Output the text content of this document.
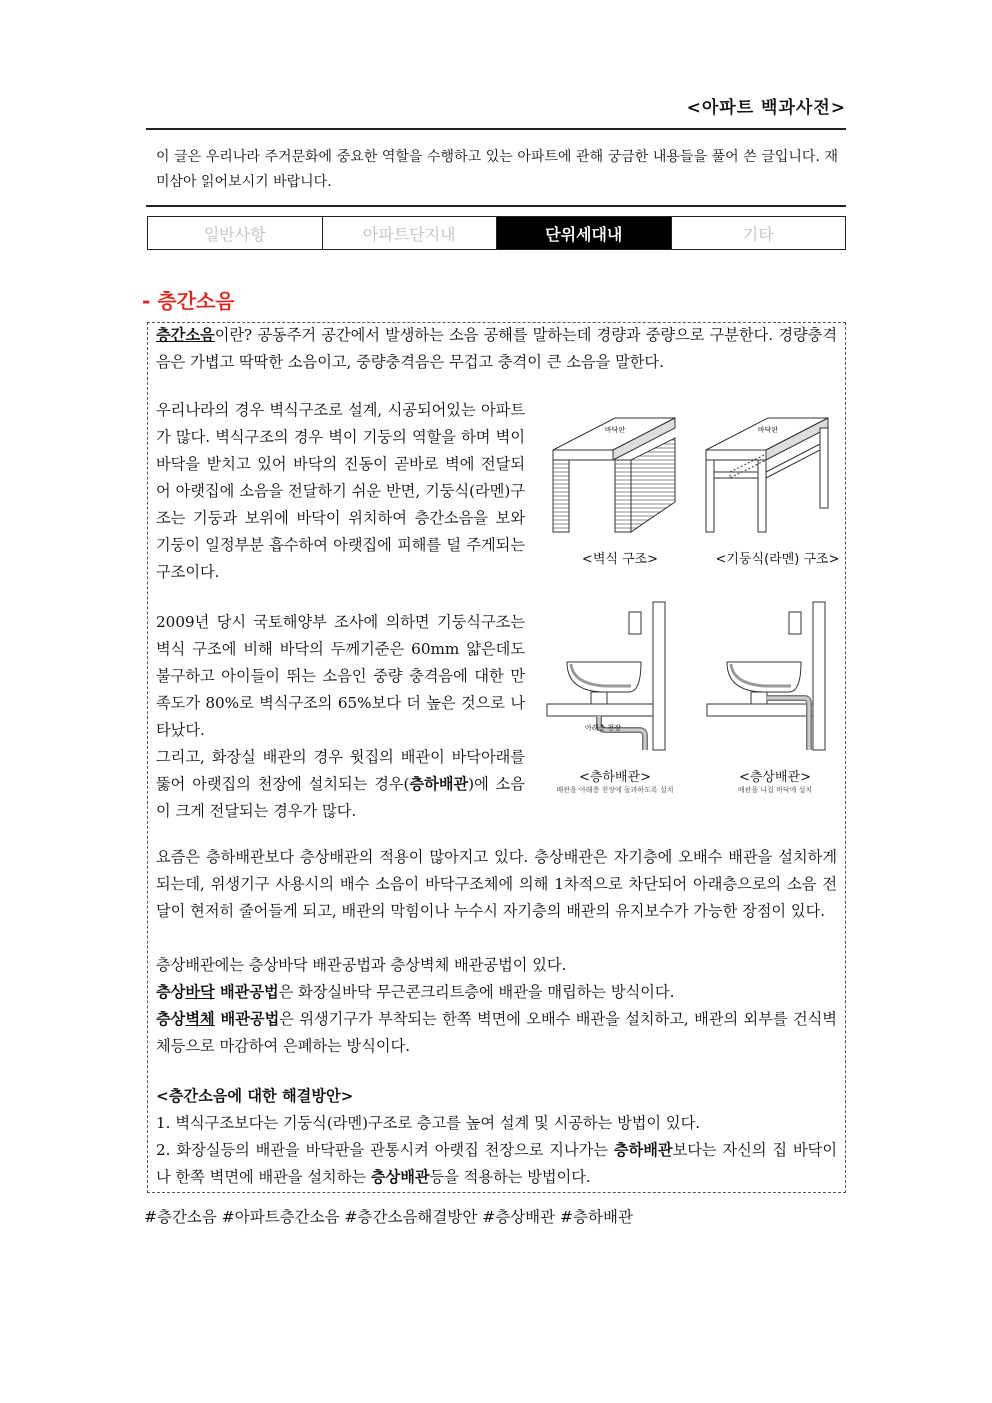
<아파트 백과사전>
이 글은 우리나라 주거문화에 중요한 역할을 수행하고 있는 아파트에 관해 궁금한 내용들을 풀어 쓴 글입니다. 재미삼아 읽어보시기 바랍니다.
일반사항	아파트단지내	단위세대내	기타
- 층간소음
층간소음이란? 공동주거 공간에서 발생하는 소음 공해를 말하는데 경량과 중량으로 구분한다. 경량충격음은 가볍고 딱딱한 소음이고, 중량충격음은 무겁고 충격이 큰 소음을 말한다.
우리나라의 경우 벽식구조로 설계, 시공되어있는 아파트가 많다. 벽식구조의 경우 벽이 기둥의 역할을 하며 벽이 바닥을 받치고 있어 바닥의 진동이 곧바로 벽에 전달되어 아랫집에 소음을 전달하기 쉬운 반면, 기둥식(라멘)구조는 기둥과 보위에 바닥이 위치하여 층간소음을 보와 기둥이 일정부분 흡수하여 아랫집에 피해를 덜 주게되는 구조이다.
2009년 당시 국토해양부 조사에 의하면 기둥식구조는 벽식 구조에 비해 바닥의 두께기준은 60mm 얇은데도 불구하고 아이들이 뛰는 소음인 중량 충격음에 대한 만족도가 80%로 벽식구조의 65%보다 더 높은 것으로 나타났다.
그리고, 화장실 배관의 경우 윗집의 배관이 바닥아래를 뚫어 아랫집의 천장에 설치되는 경우(층하배관)에 소음이 크게 전달되는 경우가 많다.
바닥판
<벽식 구조>
바닥판
<기둥식(라멘) 구조>
아래층 천장
<층하배관>
배관을 아래층 천장에 돌과하도록 설치
<층상배관>
배관을 니집 바닥에 설치
요즘은 층하배관보다 층상배관의 적용이 많아지고 있다. 층상배관은 자기층에 오배수 배관을 설치하게 되는데, 위생기구 사용시의 배수 소음이 바닥구조체에 의해 1차적으로 차단되어 아래층으로의 소음 전달이 현저히 줄어들게 되고, 배관의 막힘이나 누수시 자기층의 배관의 유지보수가 가능한 장점이 있다.
층상배관에는 층상바닥 배관공법과 층상벽체 배관공법이 있다.
층상바닥 배관공법은 화장실바닥 무근콘크리트층에 배관을 매립하는 방식이다.
층상벽체 배관공법은 위생기구가 부착되는 한쪽 벽면에 오배수 배관을 설치하고, 배관의 외부를 건식벽체등으로 마감하여 은폐하는 방식이다.
<층간소음에 대한 해결방안>
1. 벽식구조보다는 기둥식(라멘)구조로 층고를 높여 설계 및 시공하는 방법이 있다.
2. 화장실등의 배관을 바닥판을 관통시켜 아랫집 천장으로 지나가는 층하배관보다는 자신의 집 바닥이나 한쪽 벽면에 배관을 설치하는 층상배관등을 적용하는 방법이다.
#층간소음 #아파트층간소음 #층간소음해결방안 #층상배관 #층하배관
